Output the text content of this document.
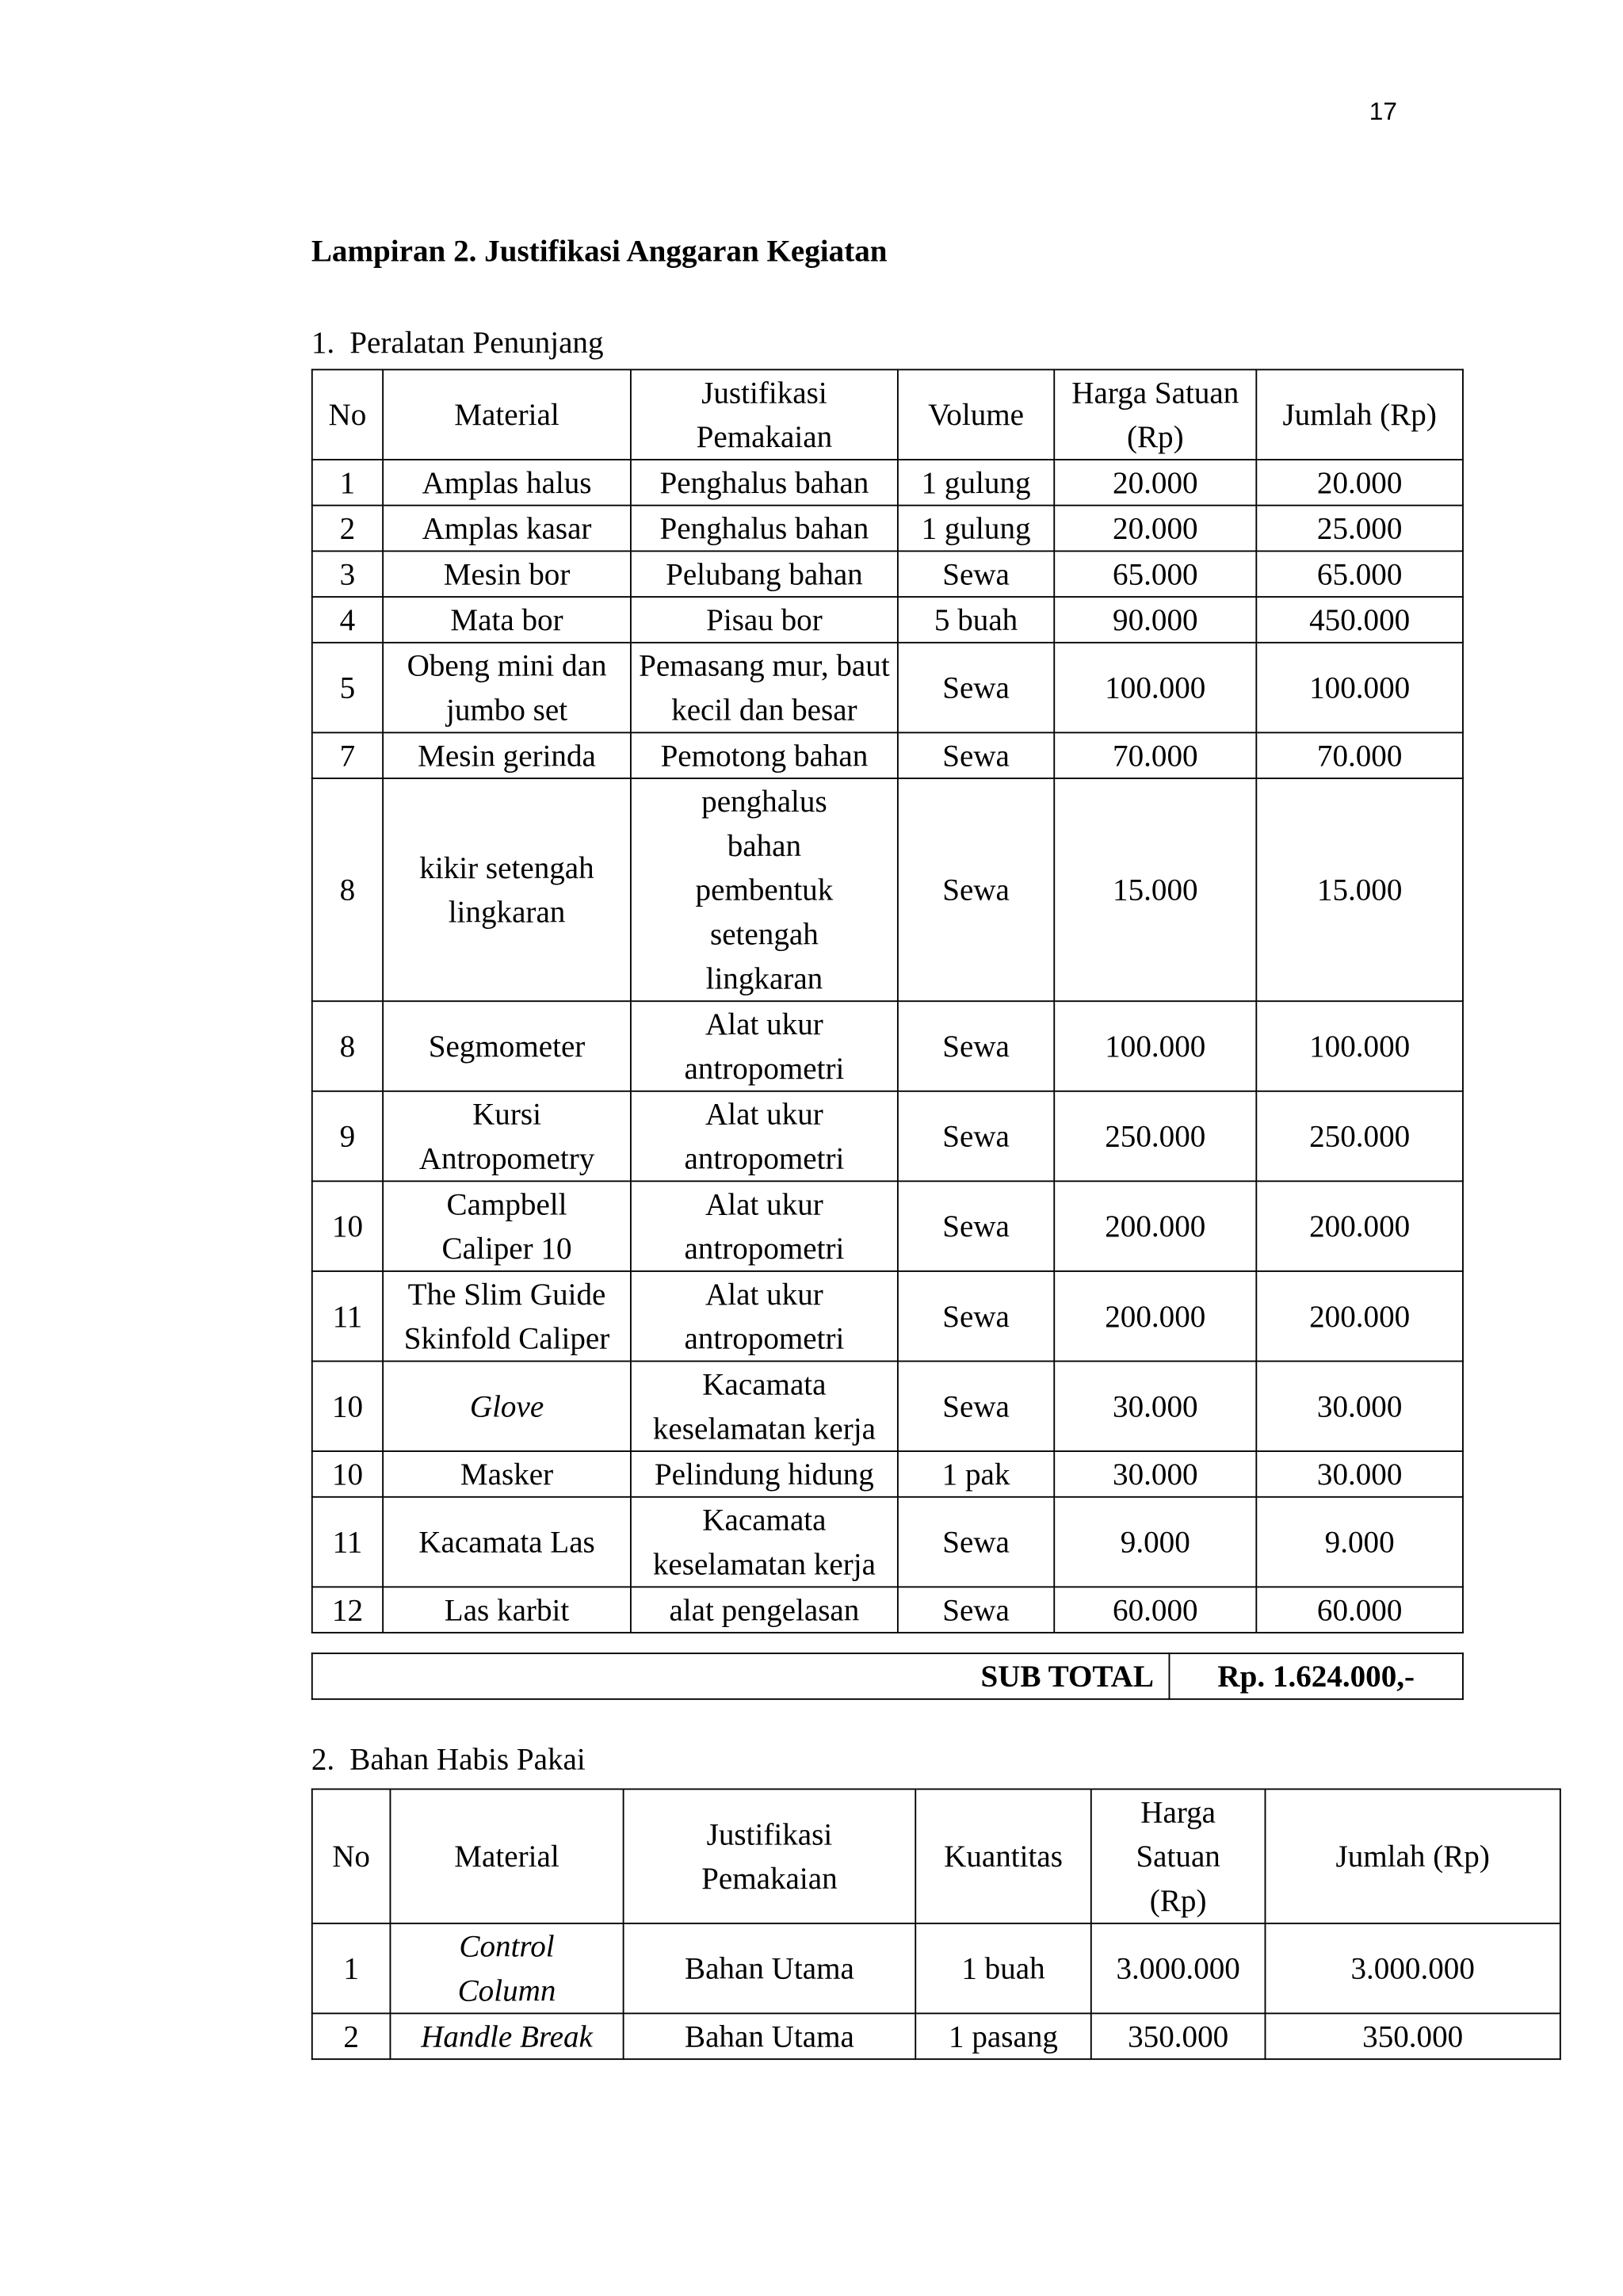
17
Lampiran 2. Justifikasi Anggaran Kegiatan

1. Peralatan Penunjang

No	Material	Justifikasi Pemakaian	Volume	Harga Satuan (Rp)	Jumlah (Rp)
1	Amplas halus	Penghalus bahan	1 gulung	20.000	20.000
2	Amplas kasar	Penghalus bahan	1 gulung	20.000	25.000
3	Mesin bor	Pelubang bahan	Sewa	65.000	65.000
4	Mata bor	Pisau bor	5 buah	90.000	450.000
5	Obeng mini dan jumbo set	Pemasang mur, baut kecil dan besar	Sewa	100.000	100.000
7	Mesin gerinda	Pemotong bahan	Sewa	70.000	70.000
8	kikir setengah lingkaran	penghalus bahan pembentuk setengah lingkaran	Sewa	15.000	15.000
8	Segmometer	Alat ukur antropometri	Sewa	100.000	100.000
9	Kursi Antropometry	Alat ukur antropometri	Sewa	250.000	250.000
10	Campbell Caliper 10	Alat ukur antropometri	Sewa	200.000	200.000
11	The Slim Guide Skinfold Caliper	Alat ukur antropometri	Sewa	200.000	200.000
10	Glove	Kacamata keselamatan kerja	Sewa	30.000	30.000
10	Masker	Pelindung hidung	1 pak	30.000	30.000
11	Kacamata Las	Kacamata keselamatan kerja	Sewa	9.000	9.000
12	Las karbit	alat pengelasan	Sewa	60.000	60.000
SUB TOTAL	Rp. 1.624.000,-

2. Bahan Habis Pakai

No	Material	Justifikasi Pemakaian	Kuantitas	Harga Satuan (Rp)	Jumlah (Rp)
1	Control Column	Bahan Utama	1 buah	3.000.000	3.000.000
2	Handle Break	Bahan Utama	1 pasang	350.000	350.000
